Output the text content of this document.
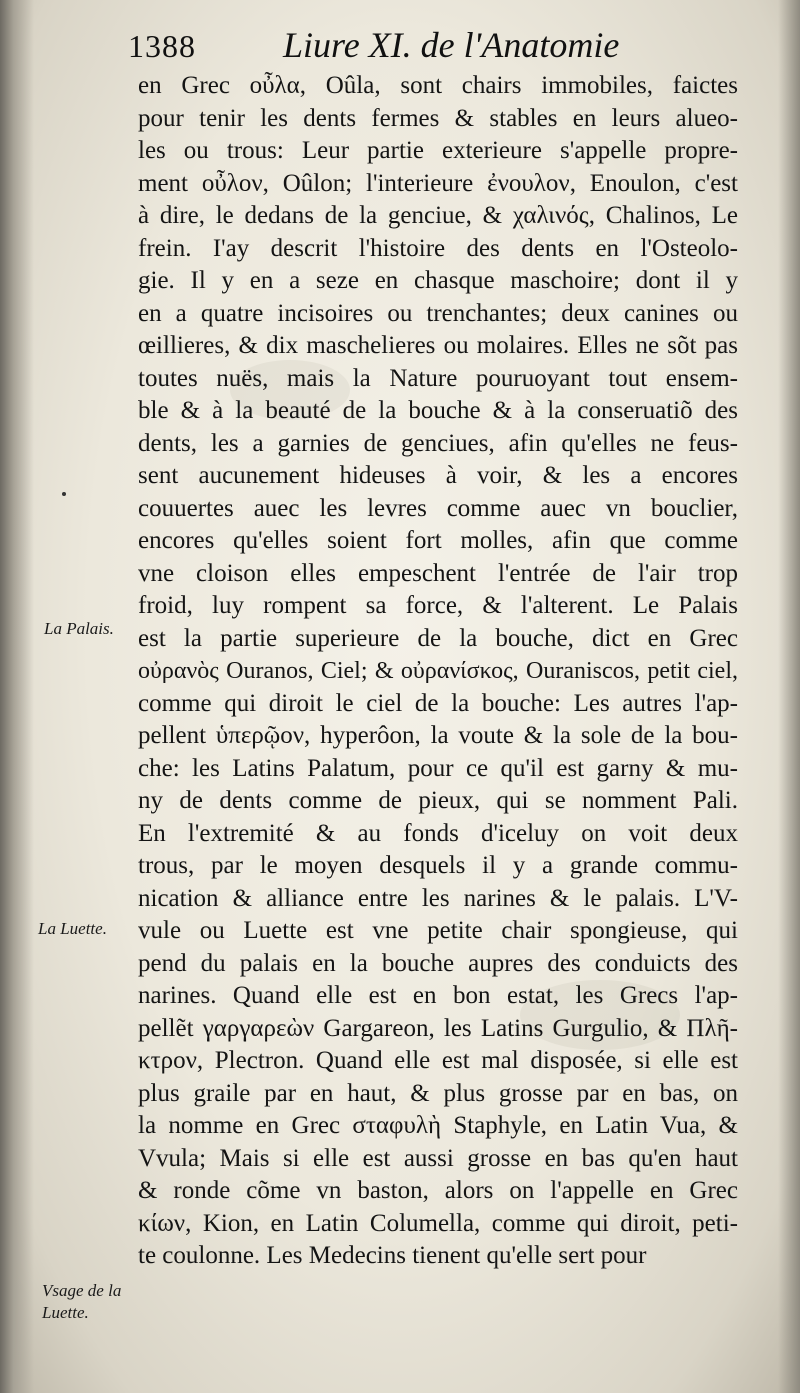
1388 Liure XI. de l'Anatomie
La Palais.
La Luette.
Vsage de la Luette.
en Grec οὖλα, Oûla, sont chairs immobiles, faictes
pour tenir les dents fermes & stables en leurs alueo-
les ou trous: Leur partie exterieure s'appelle propre-
ment οὖλον, Oûlon; l'interieure ἐνουλον, Enoulon, c'est
à dire, le dedans de la genciue, & χαλινός, Chalinos, Le
frein. I'ay descrit l'histoire des dents en l'Osteolo-
gie. Il y en a seze en chasque maschoire; dont il y
en a quatre incisoires ou trenchantes; deux canines ou
œillieres, & dix maschelieres ou molaires. Elles ne sõt pas
toutes nuës, mais la Nature pouruoyant tout ensem-
ble & à la beauté de la bouche & à la conseruatiõ des
dents, les a garnies de genciues, afin qu'elles ne feus-
sent aucunement hideuses à voir, & les a encores
couuertes auec les levres comme auec vn bouclier,
encores qu'elles soient fort molles, afin que comme
vne cloison elles empeschent l'entrée de l'air trop
froid, luy rompent sa force, & l'alterent. Le Palais
est la partie superieure de la bouche, dict en Grec
οὐρανὸς Ouranos, Ciel; & οὐρανίσκος, Ouraniscos, petit ciel,
comme qui diroit le ciel de la bouche: Les autres l'ap-
pellent ὑπερῷον, hyperôon, la voute & la sole de la bou-
che: les Latins Palatum, pour ce qu'il est garny & mu-
ny de dents comme de pieux, qui se nomment Pali.
En l'extremité & au fonds d'iceluy on voit deux
trous, par le moyen desquels il y a grande commu-
nication & alliance entre les narines & le palais. L'V-
vule ou Luette est vne petite chair spongieuse, qui
pend du palais en la bouche aupres des conduicts des
narines. Quand elle est en bon estat, les Grecs l'ap-
pellẽt γαργαρεὼν Gargareon, les Latins Gurgulio, & Πλῆ-
κτρον, Plectron. Quand elle est mal disposée, si elle est
plus graile par en haut, & plus grosse par en bas, on
la nomme en Grec σταφυλὴ Staphyle, en Latin Vua, &
Vvula; Mais si elle est aussi grosse en bas qu'en haut
& ronde cõme vn baston, alors on l'appelle en Grec
κίων, Kion, en Latin Columella, comme qui diroit, peti-
te coulonne. Les Medecins tienent qu'elle sert pour
